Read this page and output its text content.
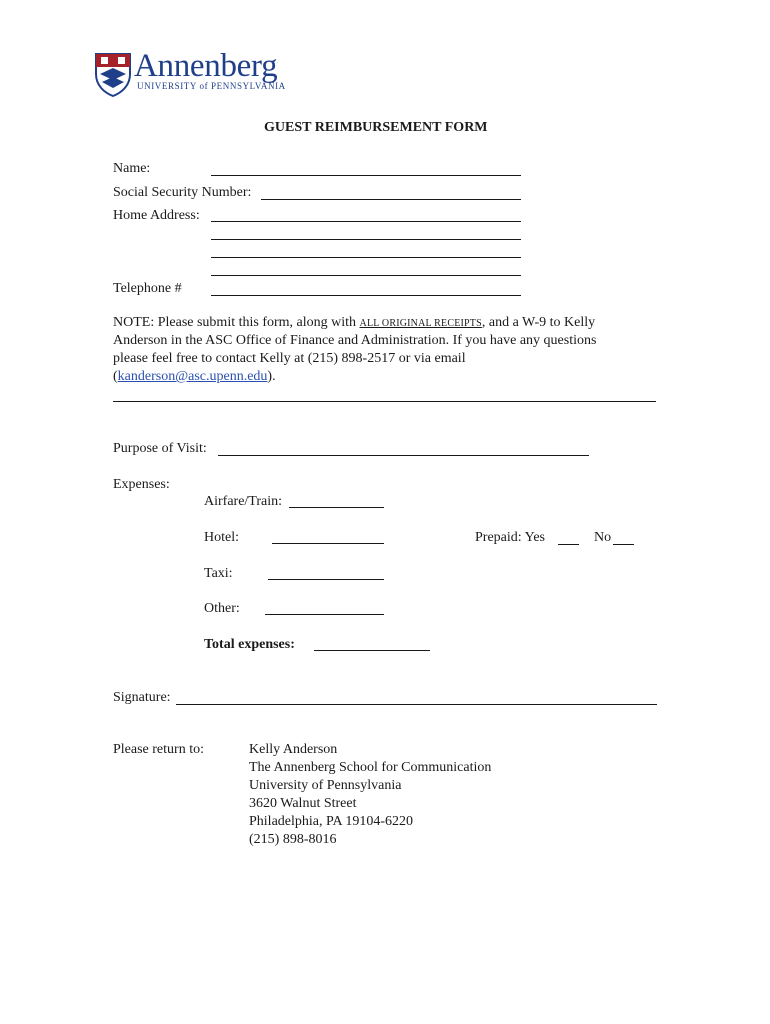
Annenberg
UNIVERSITY of PENNSYLVANIA
GUEST REIMBURSEMENT FORM
Name:
Social Security Number:
Home Address:
Telephone #
NOTE: Please submit this form, along with ALL ORIGINAL RECEIPTS, and a W-9 to Kelly
Anderson in the ASC Office of Finance and Administration. If you have any questions
please feel free to contact Kelly at (215) 898-2517 or via email
(kanderson@asc.upenn.edu).
Purpose of Visit:
Expenses:
Airfare/Train:
Hotel:	Prepaid: Yes	No
Taxi:
Other:
Total expenses:
Signature:
Please return to:	Kelly Anderson
The Annenberg School for Communication
University of Pennsylvania
3620 Walnut Street
Philadelphia, PA 19104-6220
(215) 898-8016
